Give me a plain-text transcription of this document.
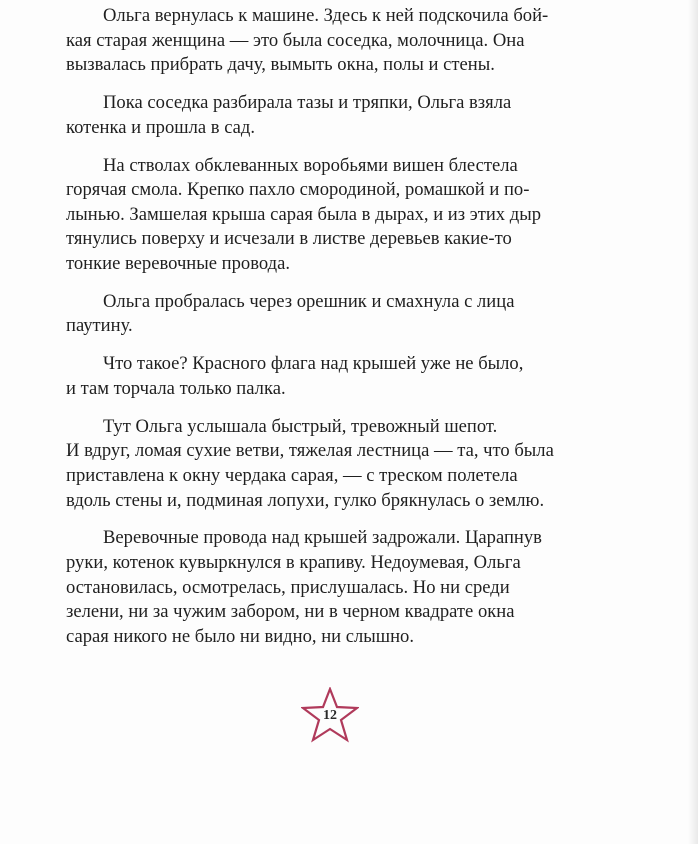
Ольга вернулась к машине. Здесь к ней подскочила бой-
кая старая женщина — это была соседка, молочница. Она
вызвалась прибрать дачу, вымыть окна, полы и стены.

Пока соседка разбирала тазы и тряпки, Ольга взяла
котенка и прошла в сад.

На стволах обклеванных воробьями вишен блестела
горячая смола. Крепко пахло смородиной, ромашкой и по-
лынью. Замшелая крыша сарая была в дырах, и из этих дыр
тянулись поверху и исчезали в листве деревьев какие-то
тонкие веревочные провода.

Ольга пробралась через орешник и смахнула с лица
паутину.

Что такое? Красного флага над крышей уже не было,
и там торчала только палка.

Тут Ольга услышала быстрый, тревожный шепот.
И вдруг, ломая сухие ветви, тяжелая лестница — та, что была
приставлена к окну чердака сарая, — с треском полетела
вдоль стены и, подминая лопухи, гулко брякнулась о землю.

Веревочные провода над крышей задрожали. Царапнув
руки, котенок кувыркнулся в крапиву. Недоумевая, Ольга
остановилась, осмотрелась, прислушалась. Но ни среди
зелени, ни за чужим забором, ни в черном квадрате окна
сарая никого не было ни видно, ни слышно.

12
